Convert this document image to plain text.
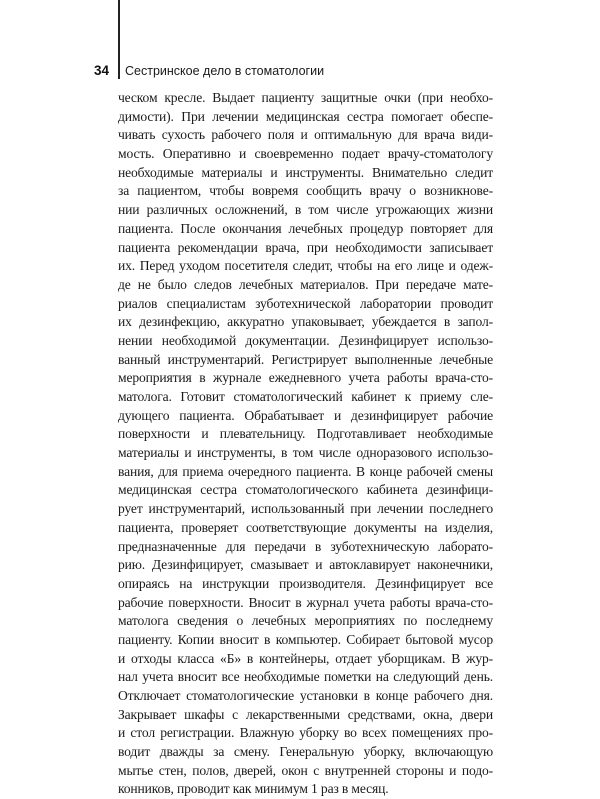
34 Сестринское дело в стоматологии
ческом кресле. Выдает пациенту защитные очки (при необхо-
димости). При лечении медицинская сестра помогает обеспе-
чивать сухость рабочего поля и оптимальную для врача види-
мость. Оперативно и своевременно подает врачу-стоматологу
необходимые материалы и инструменты. Внимательно следит
за пациентом, чтобы вовремя сообщить врачу о возникнове-
нии различных осложнений, в том числе угрожающих жизни
пациента. После окончания лечебных процедур повторяет для
пациента рекомендации врача, при необходимости записывает
их. Перед уходом посетителя следит, чтобы на его лице и одеж-
де не было следов лечебных материалов. При передаче мате-
риалов специалистам зуботехнической лаборатории проводит
их дезинфекцию, аккуратно упаковывает, убеждается в запол-
нении необходимой документации. Дезинфицирует использо-
ванный инструментарий. Регистрирует выполненные лечебные
мероприятия в журнале ежедневного учета работы врача-сто-
матолога. Готовит стоматологический кабинет к приему сле-
дующего пациента. Обрабатывает и дезинфицирует рабочие
поверхности и плевательницу. Подготавливает необходимые
материалы и инструменты, в том числе одноразового использо-
вания, для приема очередного пациента. В конце рабочей смены
медицинская сестра стоматологического кабинета дезинфици-
рует инструментарий, использованный при лечении последнего
пациента, проверяет соответствующие документы на изделия,
предназначенные для передачи в зуботехническую лаборато-
рию. Дезинфицирует, смазывает и автоклавирует наконечники,
опираясь на инструкции производителя. Дезинфицирует все
рабочие поверхности. Вносит в журнал учета работы врача-сто-
матолога сведения о лечебных мероприятиях по последнему
пациенту. Копии вносит в компьютер. Собирает бытовой мусор
и отходы класса «Б» в контейнеры, отдает уборщикам. В жур-
нал учета вносит все необходимые пометки на следующий день.
Отключает стоматологические установки в конце рабочего дня.
Закрывает шкафы с лекарственными средствами, окна, двери
и стол регистрации. Влажную уборку во всех помещениях про-
водит дважды за смену. Генеральную уборку, включающую
мытье стен, полов, дверей, окон с внутренней стороны и подо-
конников, проводит как минимум 1 раз в месяц.
